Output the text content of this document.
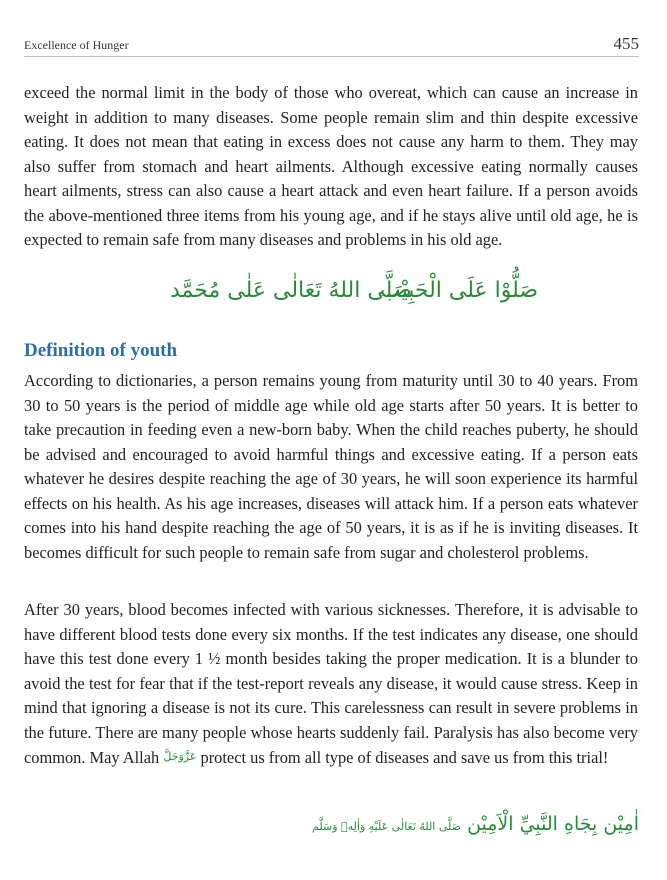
Excellence of Hunger	455

exceed the normal limit in the body of those who overeat, which can cause an increase in weight in addition to many diseases. Some people remain slim and thin despite excessive eating. It does not mean that eating in excess does not cause any harm to them. They may also suffer from stomach and heart ailments. Although excessive eating normally causes heart ailments, stress can also cause a heart attack and even heart failure. If a person avoids the above-mentioned three items from his young age, and if he stays alive until old age, he is expected to remain safe from many diseases and problems in his old age.

صَلُّوْا عَلَى الْحَبِيْب
صَلَّى اللهُ تَعَالٰى عَلٰى مُحَمَّد
Definition of youth

According to dictionaries, a person remains young from maturity until 30 to 40 years. From 30 to 50 years is the period of middle age while old age starts after 50 years. It is better to take precaution in feeding even a new-born baby. When the child reaches puberty, he should be advised and encouraged to avoid harmful things and excessive eating. If a person eats whatever he desires despite reaching the age of 30 years, he will soon experience its harmful effects on his health. As his age increases, diseases will attack him. If a person eats whatever comes into his hand despite reaching the age of 50 years, it is as if he is inviting diseases. It becomes difficult for such people to remain safe from sugar and cholesterol problems.

After 30 years, blood becomes infected with various sicknesses. Therefore, it is advisable to have different blood tests done every six months. If the test indicates any disease, one should have this test done every 1 ½ month besides taking the proper medication. It is a blunder to avoid the test for fear that if the test-report reveals any disease, it would cause stress. Keep in mind that ignoring a disease is not its cure. This carelessness can result in severe problems in the future. There are many people whose hearts suddenly fail. Paralysis has also become very common. May Allah عَزَّوَجَلَّ protect us from all type of diseases and save us from this trial!

اٰمِيْن بِجَاهِ النَّبِيِّ الْاَمِيْن صَلَّى اللهُ تَعَالٰى عَلَيْهِ وَاٰلِهٖ وَسَلَّم
